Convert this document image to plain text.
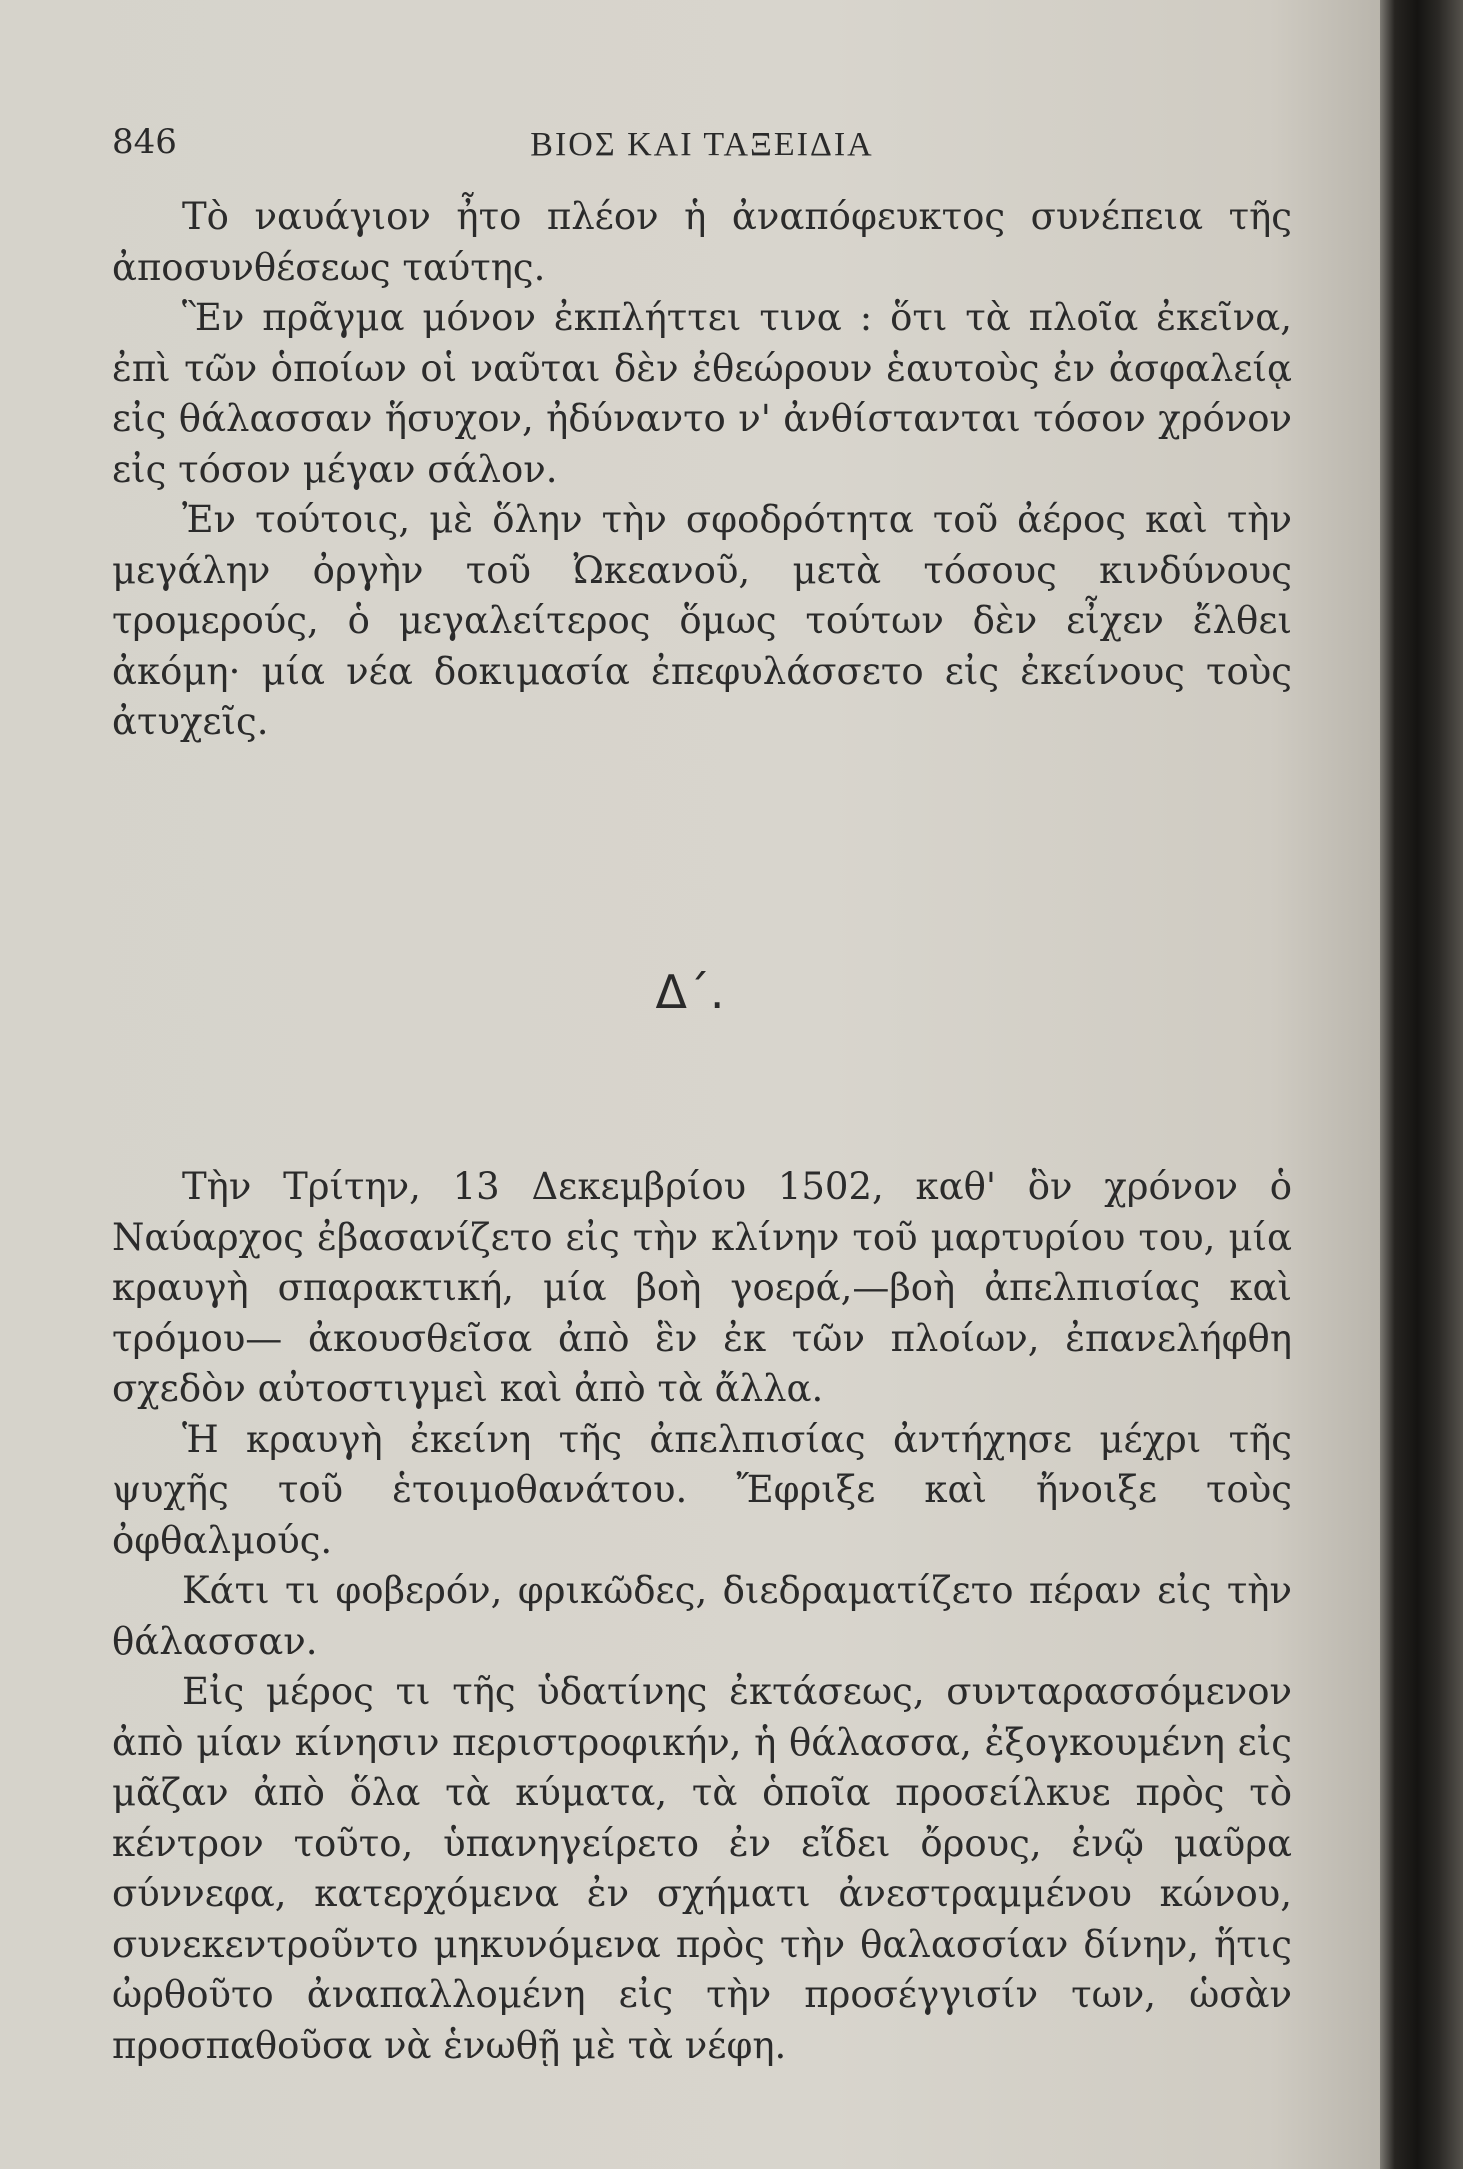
846	ΒΙΟΣ ΚΑΙ ΤΑΞΕΙΔΙΑ

Τὸ ναυάγιον ἦτο πλέον ἡ ἀναπόφευκτος συνέπεια τῆς ἀποσυνθέσεως ταύτης.

Ἓν πρᾶγμα μόνον ἐκπλήττει τινα : ὅτι τὰ πλοῖα ἐκεῖνα, ἐπὶ τῶν ὁποίων οἱ ναῦται δὲν ἐθεώρουν ἑαυτοὺς ἐν ἀσφαλείᾳ εἰς θάλασσαν ἥσυχον, ἠδύναντο ν' ἀνθίστανται τόσον χρόνον εἰς τόσον μέγαν σάλον.

Ἐν τούτοις, μὲ ὅλην τὴν σφοδρότητα τοῦ ἀέρος καὶ τὴν μεγάλην ὀργὴν τοῦ Ὠκεανοῦ, μετὰ τόσους κινδύνους τρομερούς, ὁ μεγαλείτερος ὅμως τούτων δὲν εἶχεν ἔλθει ἀκόμη· μία νέα δοκιμασία ἐπεφυλάσσετο εἰς ἐκείνους τοὺς ἀτυχεῖς.

Δ΄.

Τὴν Τρίτην, 13 Δεκεμβρίου 1502, καθ' ὃν χρόνον ὁ Ναύαρχος ἐβασανίζετο εἰς τὴν κλίνην τοῦ μαρτυρίου του, μία κραυγὴ σπαρακτική, μία βοὴ γοερά,—βοὴ ἀπελπισίας καὶ τρόμου— ἀκουσθεῖσα ἀπὸ ἓν ἐκ τῶν πλοίων, ἐπανελήφθη σχεδὸν αὐτοστιγμεὶ καὶ ἀπὸ τὰ ἄλλα.

Ἡ κραυγὴ ἐκείνη τῆς ἀπελπισίας ἀντήχησε μέχρι τῆς ψυχῆς τοῦ ἑτοιμοθανάτου. Ἔφριξε καὶ ἤνοιξε τοὺς ὀφθαλμούς.

Κάτι τι φοβερόν, φρικῶδες, διεδραματίζετο πέραν εἰς τὴν θάλασσαν.

Εἰς μέρος τι τῆς ὑδατίνης ἐκτάσεως, συνταρασσόμενον ἀπὸ μίαν κίνησιν περιστροφικήν, ἡ θάλασσα, ἐξογκουμένη εἰς μᾶζαν ἀπὸ ὅλα τὰ κύματα, τὰ ὁποῖα προσείλκυε πρὸς τὸ κέντρον τοῦτο, ὑπανηγείρετο ἐν εἴδει ὄρους, ἐνῷ μαῦρα σύννεφα, κατερχόμενα ἐν σχήματι ἀνεστραμμένου κώνου, συνεκεντροῦντο μηκυνόμενα πρὸς τὴν θαλασσίαν δίνην, ἥτις ὠρθοῦτο ἀναπαλλομένη εἰς τὴν προσέγγισίν των, ὡσὰν προσπαθοῦσα νὰ ἑνωθῇ μὲ τὰ νέφη.
